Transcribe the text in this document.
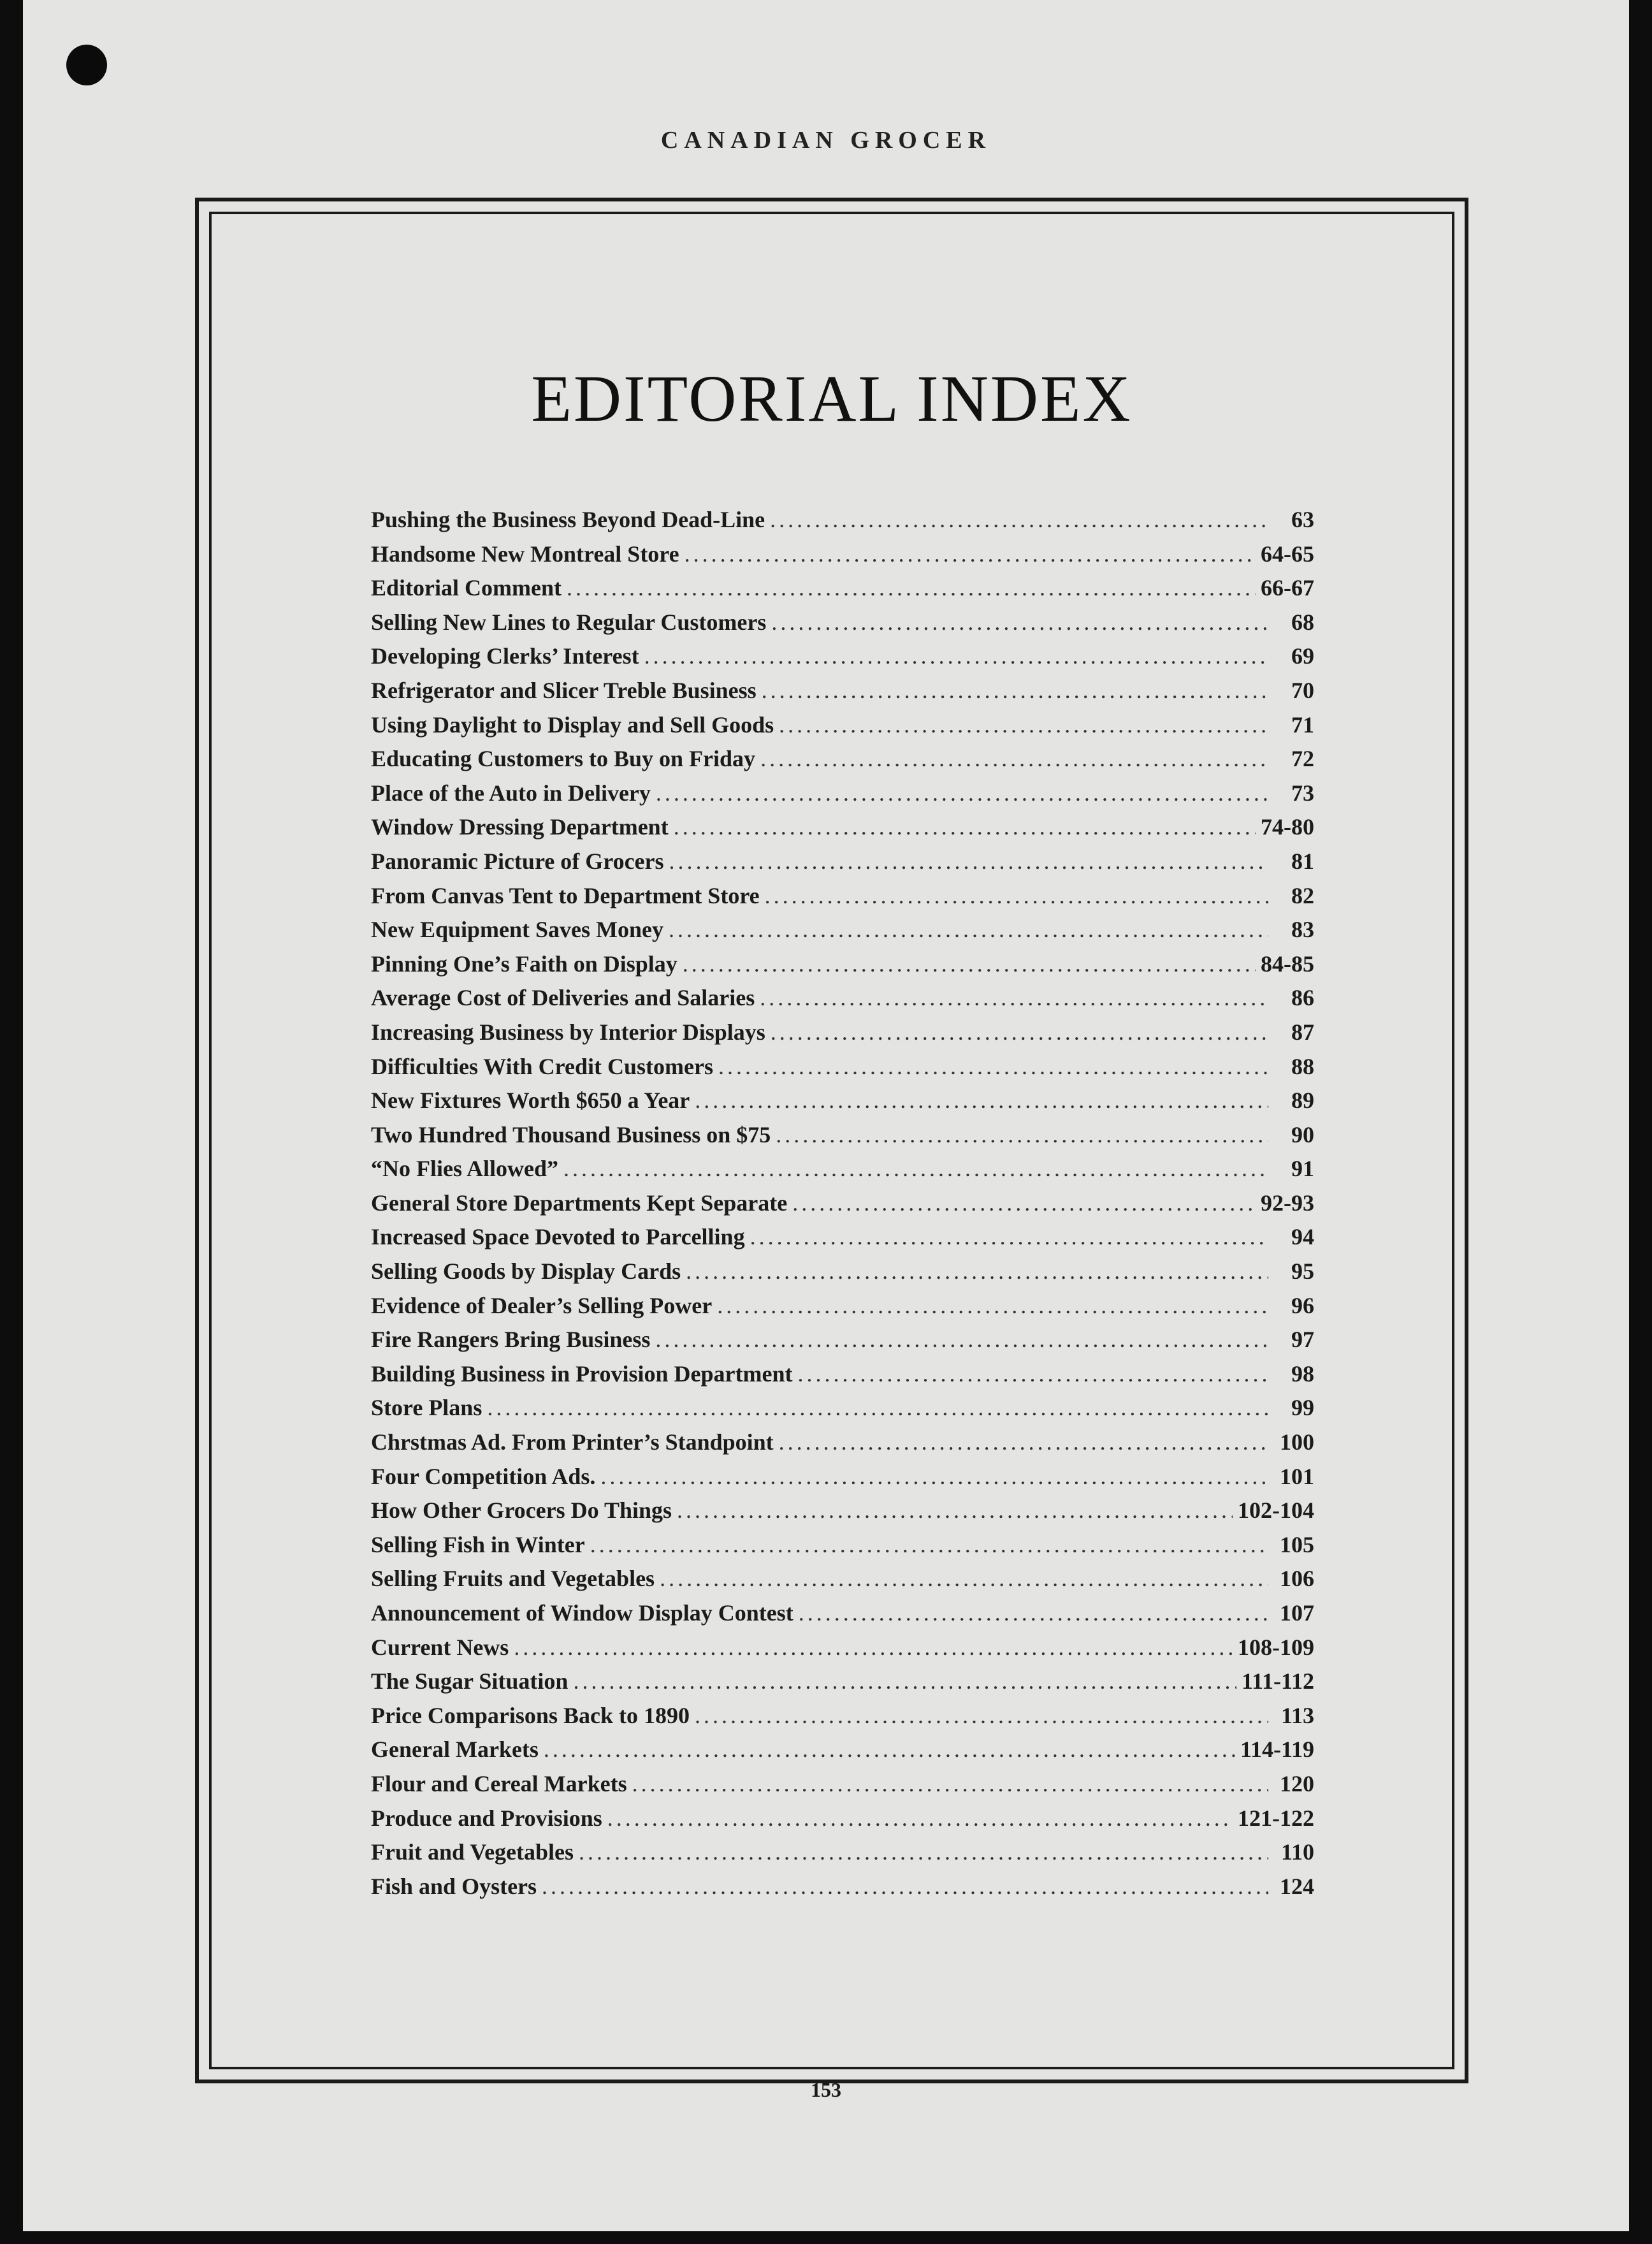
CANADIAN GROCER
EDITORIAL INDEX
Pushing the Business Beyond Dead-Line .....	63
Handsome New Montreal Store .....	64-65
Editorial Comment .....	66-67
Selling New Lines to Regular Customers .....	68
Developing Clerks’ Interest .....	69
Refrigerator and Slicer Treble Business .....	70
Using Daylight to Display and Sell Goods .....	71
Educating Customers to Buy on Friday .....	72
Place of the Auto in Delivery .....	73
Window Dressing Department .....	74-80
Panoramic Picture of Grocers .....	81
From Canvas Tent to Department Store .....	82
New Equipment Saves Money .....	83
Pinning One’s Faith on Display .....	84-85
Average Cost of Deliveries and Salaries .....	86
Increasing Business by Interior Displays .....	87
Difficulties With Credit Customers .....	88
New Fixtures Worth $650 a Year .....	89
Two Hundred Thousand Business on $75 .....	90
“No Flies Allowed” .....	91
General Store Departments Kept Separate .....	92-93
Increased Space Devoted to Parcelling .....	94
Selling Goods by Display Cards .....	95
Evidence of Dealer’s Selling Power .....	96
Fire Rangers Bring Business .....	97
Building Business in Provision Department .....	98
Store Plans .....	99
Chrstmas Ad. From Printer’s Standpoint .....	100
Four Competition Ads. .....	101
How Other Grocers Do Things .....	102-104
Selling Fish in Winter .....	105
Selling Fruits and Vegetables .....	106
Announcement of Window Display Contest .....	107
Current News .....	108-109
The Sugar Situation .....	111-112
Price Comparisons Back to 1890 .....	113
General Markets .....	114-119
Flour and Cereal Markets .....	120
Produce and Provisions .....	121-122
Fruit and Vegetables .....	110
Fish and Oysters .....	124
153
